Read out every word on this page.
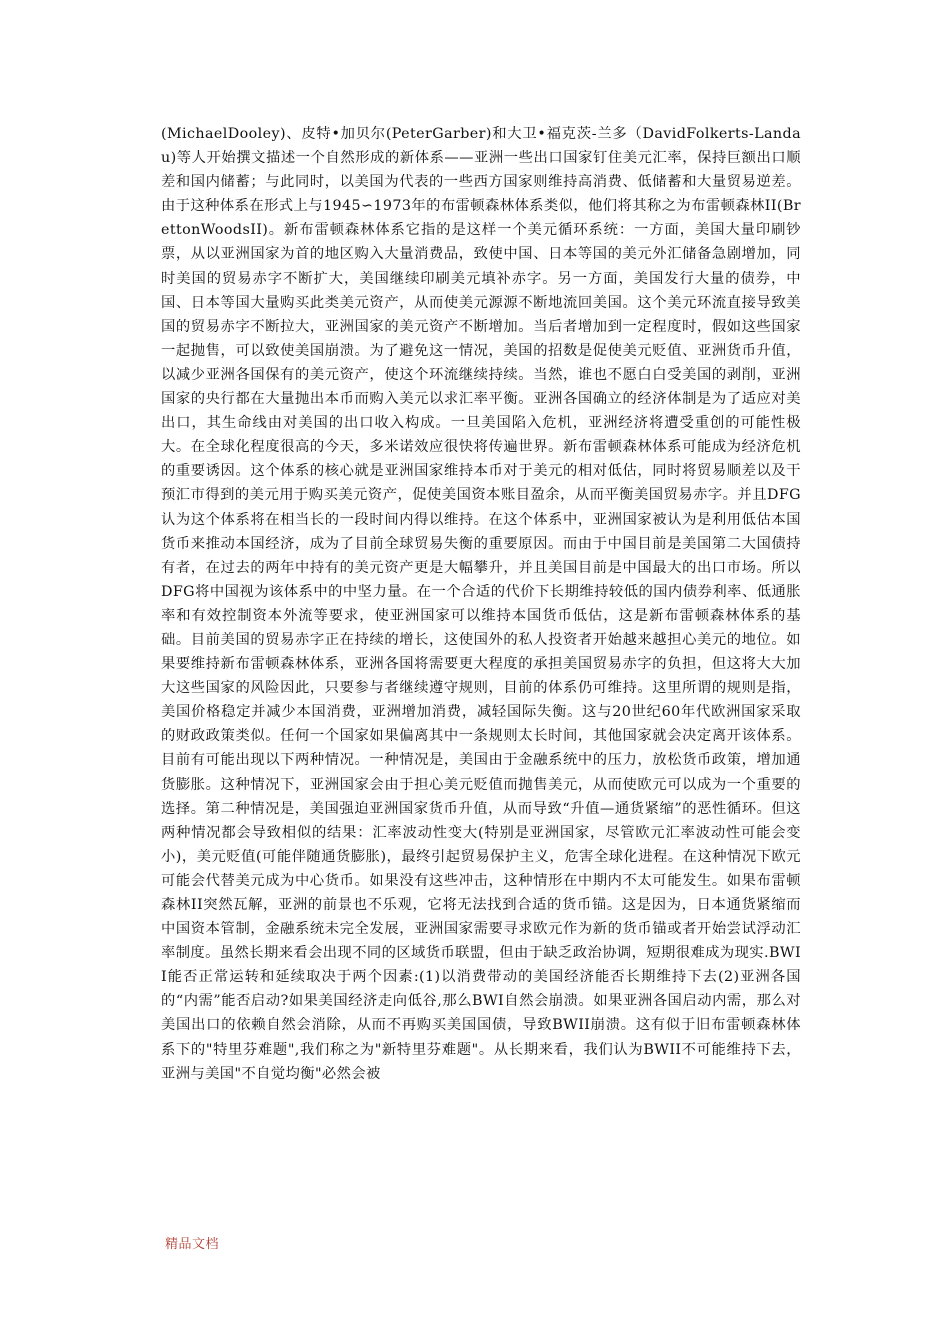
(MichaelDooley)、皮特•加贝尔(PeterGarber)和大卫•福克茨-兰多（DavidFolkerts-Landau)等人开始撰文描述一个自然形成的新体系——亚洲一些出口国家钉住美元汇率，保持巨额出口顺差和国内储蓄；与此同时，以美国为代表的一些西方国家则维持高消费、低储蓄和大量贸易逆差。由于这种体系在形式上与1945∽1973年的布雷顿森林体系类似，他们将其称之为布雷顿森林II(BrettonWoodsII)。新布雷顿森林体系它指的是这样一个美元循环系统：一方面，美国大量印刷钞票，从以亚洲国家为首的地区购入大量消费品，致使中国、日本等国的美元外汇储备急剧增加，同时美国的贸易赤字不断扩大，美国继续印刷美元填补赤字。另一方面，美国发行大量的债券，中国、日本等国大量购买此类美元资产，从而使美元源源不断地流回美国。这个美元环流直接导致美国的贸易赤字不断拉大，亚洲国家的美元资产不断增加。当后者增加到一定程度时，假如这些国家一起抛售，可以致使美国崩溃。为了避免这一情况，美国的招数是促使美元贬值、亚洲货币升值，以减少亚洲各国保有的美元资产，使这个环流继续持续。当然，谁也不愿白白受美国的剥削，亚洲国家的央行都在大量抛出本币而购入美元以求汇率平衡。亚洲各国确立的经济体制是为了适应对美出口，其生命线由对美国的出口收入构成。一旦美国陷入危机，亚洲经济将遭受重创的可能性极大。在全球化程度很高的今天，多米诺效应很快将传遍世界。新布雷顿森林体系可能成为经济危机的重要诱因。这个体系的核心就是亚洲国家维持本币对于美元的相对低估，同时将贸易顺差以及干预汇市得到的美元用于购买美元资产，促使美国资本账目盈余，从而平衡美国贸易赤字。并且DFG认为这个体系将在相当长的一段时间内得以维持。在这个体系中，亚洲国家被认为是利用低估本国货币来推动本国经济，成为了目前全球贸易失衡的重要原因。而由于中国目前是美国第二大国债持有者，在过去的两年中持有的美元资产更是大幅攀升，并且美国目前是中国最大的出口市场。所以DFG将中国视为该体系中的中坚力量。在一个合适的代价下长期维持较低的国内债券利率、低通胀率和有效控制资本外流等要求，使亚洲国家可以维持本国货币低估，这是新布雷顿森林体系的基础。目前美国的贸易赤字正在持续的增长，这使国外的私人投资者开始越来越担心美元的地位。如果要维持新布雷顿森林体系，亚洲各国将需要更大程度的承担美国贸易赤字的负担，但这将大大加大这些国家的风险因此，只要参与者继续遵守规则，目前的体系仍可维持。这里所谓的规则是指，美国价格稳定并减少本国消费，亚洲增加消费，减轻国际失衡。这与20世纪60年代欧洲国家采取的财政政策类似。任何一个国家如果偏离其中一条规则太长时间，其他国家就会决定离开该体系。目前有可能出现以下两种情况。一种情况是，美国由于金融系统中的压力，放松货币政策，增加通货膨胀。这种情况下，亚洲国家会由于担心美元贬值而抛售美元，从而使欧元可以成为一个重要的选择。第二种情况是，美国强迫亚洲国家货币升值，从而导致“升值—通货紧缩”的恶性循环。但这两种情况都会导致相似的结果：汇率波动性变大(特别是亚洲国家，尽管欧元汇率波动性可能会变小)，美元贬值(可能伴随通货膨胀)，最终引起贸易保护主义，危害全球化进程。在这种情况下欧元可能会代替美元成为中心货币。如果没有这些冲击，这种情形在中期内不太可能发生。如果布雷顿森林II突然瓦解，亚洲的前景也不乐观，它将无法找到合适的货币锚。这是因为，日本通货紧缩而中国资本管制，金融系统未完全发展，亚洲国家需要寻求欧元作为新的货币锚或者开始尝试浮动汇率制度。虽然长期来看会出现不同的区域货币联盟，但由于缺乏政治协调，短期很难成为现实.BWII能否正常运转和延续取决于两个因素:(1)以消费带动的美国经济能否长期维持下去(2)亚洲各国的“内需”能否启动?如果美国经济走向低谷,那么BWI自然会崩溃。如果亚洲各国启动内需，那么对美国出口的依赖自然会消除，从而不再购买美国国债，导致BWII崩溃。这有似于旧布雷顿森林体系下的"特里芬难题",我们称之为"新特里芬难题"。从长期来看，我们认为BWII不可能维持下去，亚洲与美国"不自觉均衡"必然会被

精品文档
